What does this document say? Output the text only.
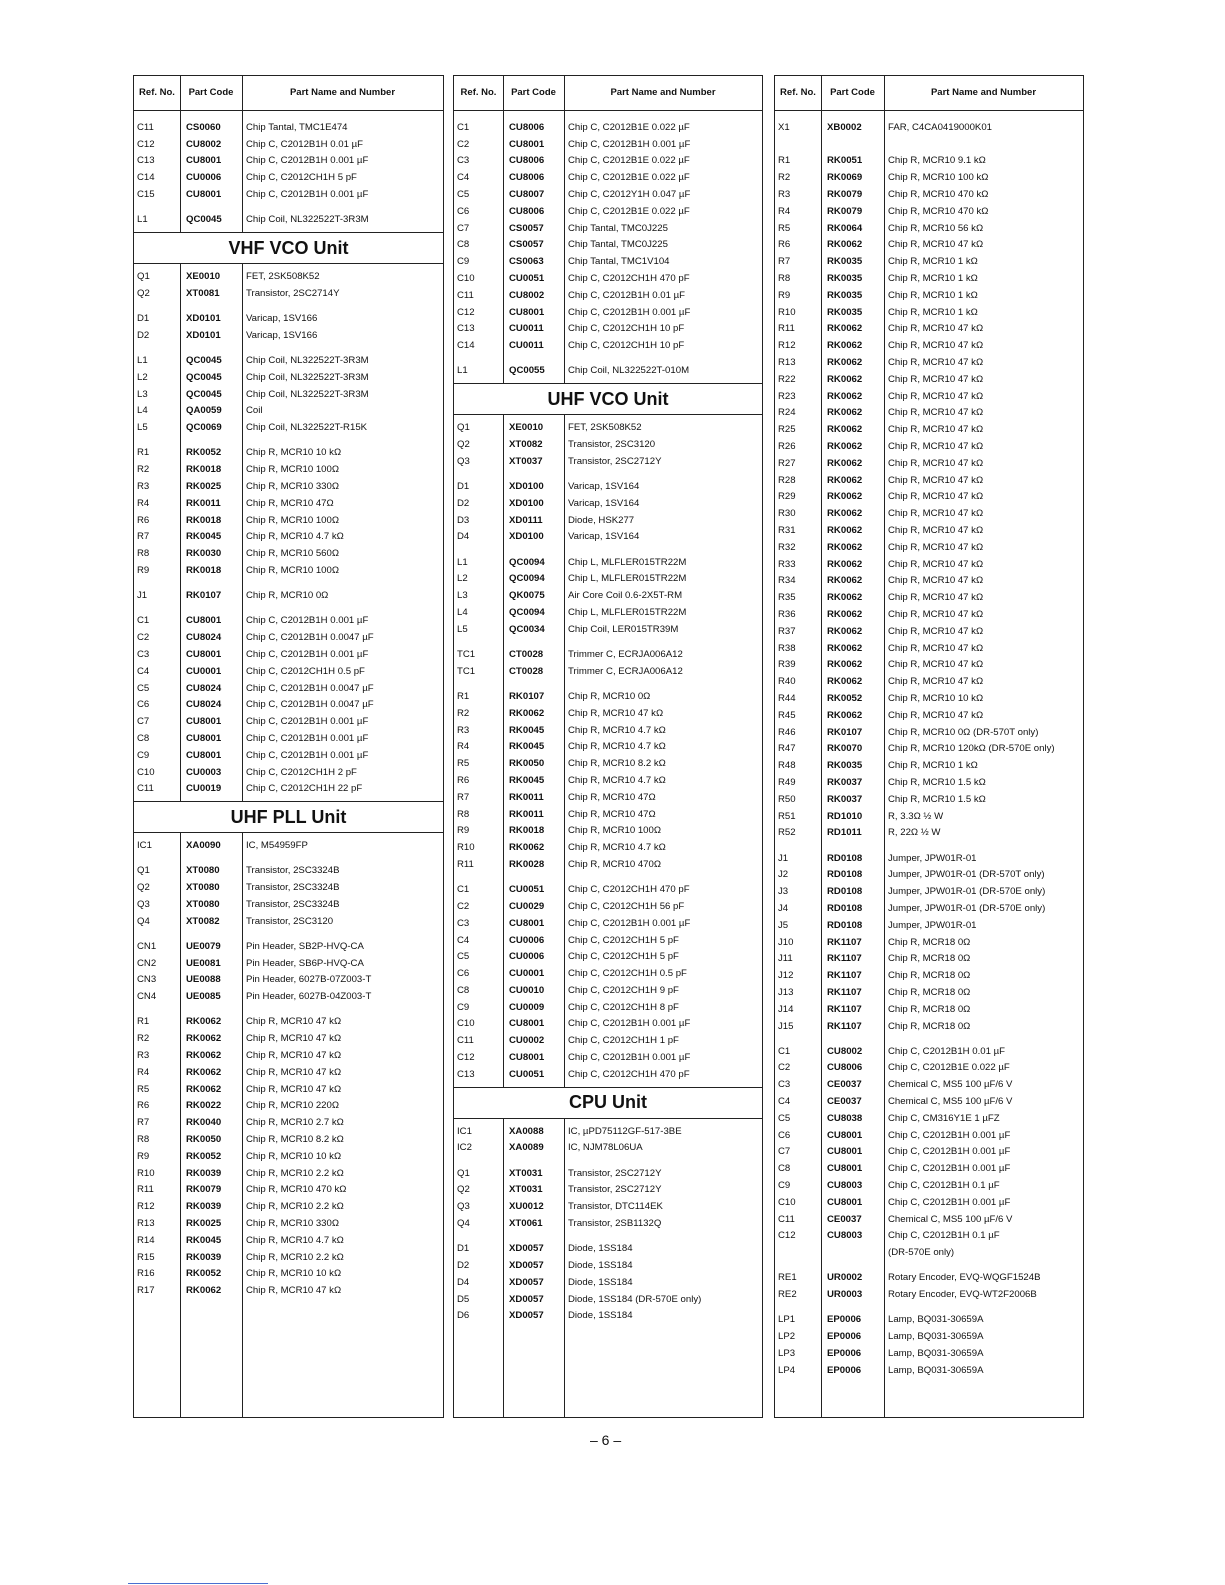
Ref. No.	Part Code	Part Name and Number
C11	CS0060	Chip Tantal, TMC1E474
C12	CU8002	Chip C, C2012B1H 0.01 µF
C13	CU8001	Chip C, C2012B1H 0.001 µF
C14	CU0006	Chip C, C2012CH1H 5 pF
C15	CU8001	Chip C, C2012B1H 0.001 µF
L1	QC0045	Chip Coil, NL322522T-3R3M
VHF VCO Unit
Q1	XE0010	FET, 2SK508K52
Q2	XT0081	Transistor, 2SC2714Y
D1	XD0101	Varicap, 1SV166
D2	XD0101	Varicap, 1SV166
L1	QC0045	Chip Coil, NL322522T-3R3M
L2	QC0045	Chip Coil, NL322522T-3R3M
L3	QC0045	Chip Coil, NL322522T-3R3M
L4	QA0059	Coil
L5	QC0069	Chip Coil, NL322522T-R15K
R1	RK0052	Chip R, MCR10 10 kΩ
R2	RK0018	Chip R, MCR10 100Ω
R3	RK0025	Chip R, MCR10 330Ω
R4	RK0011	Chip R, MCR10 47Ω
R6	RK0018	Chip R, MCR10 100Ω
R7	RK0045	Chip R, MCR10 4.7 kΩ
R8	RK0030	Chip R, MCR10 560Ω
R9	RK0018	Chip R, MCR10 100Ω
J1	RK0107	Chip R, MCR10 0Ω
C1	CU8001	Chip C, C2012B1H 0.001 µF
C2	CU8024	Chip C, C2012B1H 0.0047 µF
C3	CU8001	Chip C, C2012B1H 0.001 µF
C4	CU0001	Chip C, C2012CH1H 0.5 pF
C5	CU8024	Chip C, C2012B1H 0.0047 µF
C6	CU8024	Chip C, C2012B1H 0.0047 µF
C7	CU8001	Chip C, C2012B1H 0.001 µF
C8	CU8001	Chip C, C2012B1H 0.001 µF
C9	CU8001	Chip C, C2012B1H 0.001 µF
C10	CU0003	Chip C, C2012CH1H 2 pF
C11	CU0019	Chip C, C2012CH1H 22 pF
UHF PLL Unit
IC1	XA0090	IC, M54959FP
Q1	XT0080	Transistor, 2SC3324B
Q2	XT0080	Transistor, 2SC3324B
Q3	XT0080	Transistor, 2SC3324B
Q4	XT0082	Transistor, 2SC3120
CN1	UE0079	Pin Header, SB2P-HVQ-CA
CN2	UE0081	Pin Header, SB6P-HVQ-CA
CN3	UE0088	Pin Header, 6027B-07Z003-T
CN4	UE0085	Pin Header, 6027B-04Z003-T
R1	RK0062	Chip R, MCR10 47 kΩ
R2	RK0062	Chip R, MCR10 47 kΩ
R3	RK0062	Chip R, MCR10 47 kΩ
R4	RK0062	Chip R, MCR10 47 kΩ
R5	RK0062	Chip R, MCR10 47 kΩ
R6	RK0022	Chip R, MCR10 220Ω
R7	RK0040	Chip R, MCR10 2.7 kΩ
R8	RK0050	Chip R, MCR10 8.2 kΩ
R9	RK0052	Chip R, MCR10 10 kΩ
R10	RK0039	Chip R, MCR10 2.2 kΩ
R11	RK0079	Chip R, MCR10 470 kΩ
R12	RK0039	Chip R, MCR10 2.2 kΩ
R13	RK0025	Chip R, MCR10 330Ω
R14	RK0045	Chip R, MCR10 4.7 kΩ
R15	RK0039	Chip R, MCR10 2.2 kΩ
R16	RK0052	Chip R, MCR10 10 kΩ
R17	RK0062	Chip R, MCR10 47 kΩ
Ref. No.	Part Code	Part Name and Number
C1	CU8006	Chip C, C2012B1E 0.022 µF
C2	CU8001	Chip C, C2012B1H 0.001 µF
C3	CU8006	Chip C, C2012B1E 0.022 µF
C4	CU8006	Chip C, C2012B1E 0.022 µF
C5	CU8007	Chip C, C2012Y1H 0.047 µF
C6	CU8006	Chip C, C2012B1E 0.022 µF
C7	CS0057	Chip Tantal, TMC0J225
C8	CS0057	Chip Tantal, TMC0J225
C9	CS0063	Chip Tantal, TMC1V104
C10	CU0051	Chip C, C2012CH1H 470 pF
C11	CU8002	Chip C, C2012B1H 0.01 µF
C12	CU8001	Chip C, C2012B1H 0.001 µF
C13	CU0011	Chip C, C2012CH1H 10 pF
C14	CU0011	Chip C, C2012CH1H 10 pF
L1	QC0055	Chip Coil, NL322522T-010M
UHF VCO Unit
Q1	XE0010	FET, 2SK508K52
Q2	XT0082	Transistor, 2SC3120
Q3	XT0037	Transistor, 2SC2712Y
D1	XD0100	Varicap, 1SV164
D2	XD0100	Varicap, 1SV164
D3	XD0111	Diode, HSK277
D4	XD0100	Varicap, 1SV164
L1	QC0094	Chip L, MLFLER015TR22M
L2	QC0094	Chip L, MLFLER015TR22M
L3	QK0075	Air Core Coil 0.6-2X5T-RM
L4	QC0094	Chip L, MLFLER015TR22M
L5	QC0034	Chip Coil, LER015TR39M
TC1	CT0028	Trimmer C, ECRJA006A12
TC1	CT0028	Trimmer C, ECRJA006A12
R1	RK0107	Chip R, MCR10 0Ω
R2	RK0062	Chip R, MCR10 47 kΩ
R3	RK0045	Chip R, MCR10 4.7 kΩ
R4	RK0045	Chip R, MCR10 4.7 kΩ
R5	RK0050	Chip R, MCR10 8.2 kΩ
R6	RK0045	Chip R, MCR10 4.7 kΩ
R7	RK0011	Chip R, MCR10 47Ω
R8	RK0011	Chip R, MCR10 47Ω
R9	RK0018	Chip R, MCR10 100Ω
R10	RK0062	Chip R, MCR10 4.7 kΩ
R11	RK0028	Chip R, MCR10 470Ω
C1	CU0051	Chip C, C2012CH1H 470 pF
C2	CU0029	Chip C, C2012CH1H 56 pF
C3	CU8001	Chip C, C2012B1H 0.001 µF
C4	CU0006	Chip C, C2012CH1H 5 pF
C5	CU0006	Chip C, C2012CH1H 5 pF
C6	CU0001	Chip C, C2012CH1H 0.5 pF
C8	CU0010	Chip C, C2012CH1H 9 pF
C9	CU0009	Chip C, C2012CH1H 8 pF
C10	CU8001	Chip C, C2012B1H 0.001 µF
C11	CU0002	Chip C, C2012CH1H 1 pF
C12	CU8001	Chip C, C2012B1H 0.001 µF
C13	CU0051	Chip C, C2012CH1H 470 pF
CPU Unit
IC1	XA0088	IC, µPD75112GF-517-3BE
IC2	XA0089	IC, NJM78L06UA
Q1	XT0031	Transistor, 2SC2712Y
Q2	XT0031	Transistor, 2SC2712Y
Q3	XU0012	Transistor, DTC114EK
Q4	XT0061	Transistor, 2SB1132Q
D1	XD0057	Diode, 1SS184
D2	XD0057	Diode, 1SS184
D4	XD0057	Diode, 1SS184
D5	XD0057	Diode, 1SS184 (DR-570E only)
D6	XD0057	Diode, 1SS184
Ref. No.	Part Code	Part Name and Number
X1	XB0002	FAR, C4CA0419000K01
R1	RK0051	Chip R, MCR10 9.1 kΩ
R2	RK0069	Chip R, MCR10 100 kΩ
R3	RK0079	Chip R, MCR10 470 kΩ
R4	RK0079	Chip R, MCR10 470 kΩ
R5	RK0064	Chip R, MCR10 56 kΩ
R6	RK0062	Chip R, MCR10 47 kΩ
R7	RK0035	Chip R, MCR10 1 kΩ
R8	RK0035	Chip R, MCR10 1 kΩ
R9	RK0035	Chip R, MCR10 1 kΩ
R10	RK0035	Chip R, MCR10 1 kΩ
R11	RK0062	Chip R, MCR10 47 kΩ
R12	RK0062	Chip R, MCR10 47 kΩ
R13	RK0062	Chip R, MCR10 47 kΩ
R22	RK0062	Chip R, MCR10 47 kΩ
R23	RK0062	Chip R, MCR10 47 kΩ
R24	RK0062	Chip R, MCR10 47 kΩ
R25	RK0062	Chip R, MCR10 47 kΩ
R26	RK0062	Chip R, MCR10 47 kΩ
R27	RK0062	Chip R, MCR10 47 kΩ
R28	RK0062	Chip R, MCR10 47 kΩ
R29	RK0062	Chip R, MCR10 47 kΩ
R30	RK0062	Chip R, MCR10 47 kΩ
R31	RK0062	Chip R, MCR10 47 kΩ
R32	RK0062	Chip R, MCR10 47 kΩ
R33	RK0062	Chip R, MCR10 47 kΩ
R34	RK0062	Chip R, MCR10 47 kΩ
R35	RK0062	Chip R, MCR10 47 kΩ
R36	RK0062	Chip R, MCR10 47 kΩ
R37	RK0062	Chip R, MCR10 47 kΩ
R38	RK0062	Chip R, MCR10 47 kΩ
R39	RK0062	Chip R, MCR10 47 kΩ
R40	RK0062	Chip R, MCR10 47 kΩ
R44	RK0052	Chip R, MCR10 10 kΩ
R45	RK0062	Chip R, MCR10 47 kΩ
R46	RK0107	Chip R, MCR10 0Ω (DR-570T only)
R47	RK0070	Chip R, MCR10 120kΩ (DR-570E only)
R48	RK0035	Chip R, MCR10 1 kΩ
R49	RK0037	Chip R, MCR10 1.5 kΩ
R50	RK0037	Chip R, MCR10 1.5 kΩ
R51	RD1010	R, 3.3Ω ½ W
R52	RD1011	R, 22Ω ½ W
J1	RD0108	Jumper, JPW01R-01
J2	RD0108	Jumper, JPW01R-01 (DR-570T only)
J3	RD0108	Jumper, JPW01R-01 (DR-570E only)
J4	RD0108	Jumper, JPW01R-01 (DR-570E only)
J5	RD0108	Jumper, JPW01R-01
J10	RK1107	Chip R, MCR18 0Ω
J11	RK1107	Chip R, MCR18 0Ω
J12	RK1107	Chip R, MCR18 0Ω
J13	RK1107	Chip R, MCR18 0Ω
J14	RK1107	Chip R, MCR18 0Ω
J15	RK1107	Chip R, MCR18 0Ω
C1	CU8002	Chip C, C2012B1H 0.01 µF
C2	CU8006	Chip C, C2012B1E 0.022 µF
C3	CE0037	Chemical C, MS5 100 µF/6 V
C4	CE0037	Chemical C, MS5 100 µF/6 V
C5	CU8038	Chip C, CM316Y1E 1 µFZ
C6	CU8001	Chip C, C2012B1H 0.001 µF
C7	CU8001	Chip C, C2012B1H 0.001 µF
C8	CU8001	Chip C, C2012B1H 0.001 µF
C9	CU8003	Chip C, C2012B1H 0.1 µF
C10	CU8001	Chip C, C2012B1H 0.001 µF
C11	CE0037	Chemical C, MS5 100 µF/6 V
C12	CU8003	Chip C, C2012B1H 0.1 µF
(DR-570E only)
RE1	UR0002	Rotary Encoder, EVQ-WQGF1524B
RE2	UR0003	Rotary Encoder, EVQ-WT2F2006B
LP1	EP0006	Lamp, BQ031-30659A
LP2	EP0006	Lamp, BQ031-30659A
LP3	EP0006	Lamp, BQ031-30659A
LP4	EP0006	Lamp, BQ031-30659A
– 6 –
